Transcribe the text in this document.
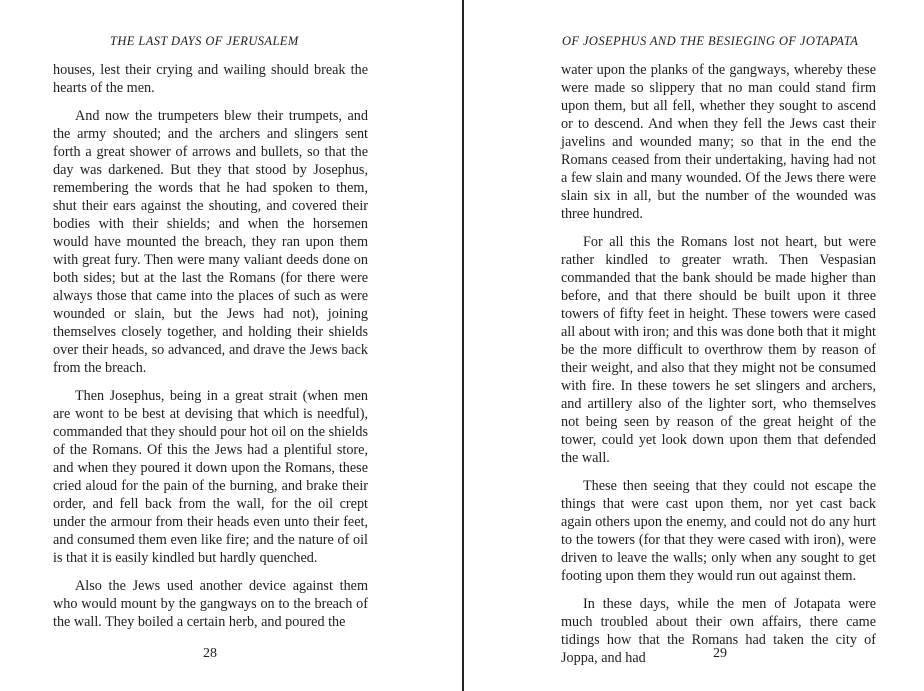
THE LAST DAYS OF JERUSALEM

houses, lest their crying and wailing should break the hearts of the men.

And now the trumpeters blew their trumpets, and the army shouted; and the archers and slingers sent forth a great shower of arrows and bullets, so that the day was darkened. But they that stood by Josephus, remembering the words that he had spoken to them, shut their ears against the shouting, and covered their bodies with their shields; and when the horsemen would have mounted the breach, they ran upon them with great fury. Then were many valiant deeds done on both sides; but at the last the Romans (for there were always those that came into the places of such as were wounded or slain, but the Jews had not), joining themselves closely together, and holding their shields over their heads, so advanced, and drave the Jews back from the breach.

Then Josephus, being in a great strait (when men are wont to be best at devising that which is needful), commanded that they should pour hot oil on the shields of the Romans. Of this the Jews had a plentiful store, and when they poured it down upon the Romans, these cried aloud for the pain of the burning, and brake their order, and fell back from the wall, for the oil crept under the armour from their heads even unto their feet, and consumed them even like fire; and the nature of oil is that it is easily kindled but hardly quenched.

Also the Jews used another device against them who would mount by the gangways on to the breach of the wall. They boiled a certain herb, and poured the

28
OF JOSEPHUS AND THE BESIEGING OF JOTAPATA

water upon the planks of the gangways, whereby these were made so slippery that no man could stand firm upon them, but all fell, whether they sought to ascend or to descend. And when they fell the Jews cast their javelins and wounded many; so that in the end the Romans ceased from their undertaking, having had not a few slain and many wounded. Of the Jews there were slain six in all, but the number of the wounded was three hundred.

For all this the Romans lost not heart, but were rather kindled to greater wrath. Then Vespasian commanded that the bank should be made higher than before, and that there should be built upon it three towers of fifty feet in height. These towers were cased all about with iron; and this was done both that it might be the more difficult to overthrow them by reason of their weight, and also that they might not be consumed with fire. In these towers he set slingers and archers, and artillery also of the lighter sort, who themselves not being seen by reason of the great height of the tower, could yet look down upon them that defended the wall.

These then seeing that they could not escape the things that were cast upon them, nor yet cast back again others upon the enemy, and could not do any hurt to the towers (for that they were cased with iron), were driven to leave the walls; only when any sought to get footing upon them they would run out against them.

In these days, while the men of Jotapata were much troubled about their own affairs, there came tidings how that the Romans had taken the city of Joppa, and had	29
